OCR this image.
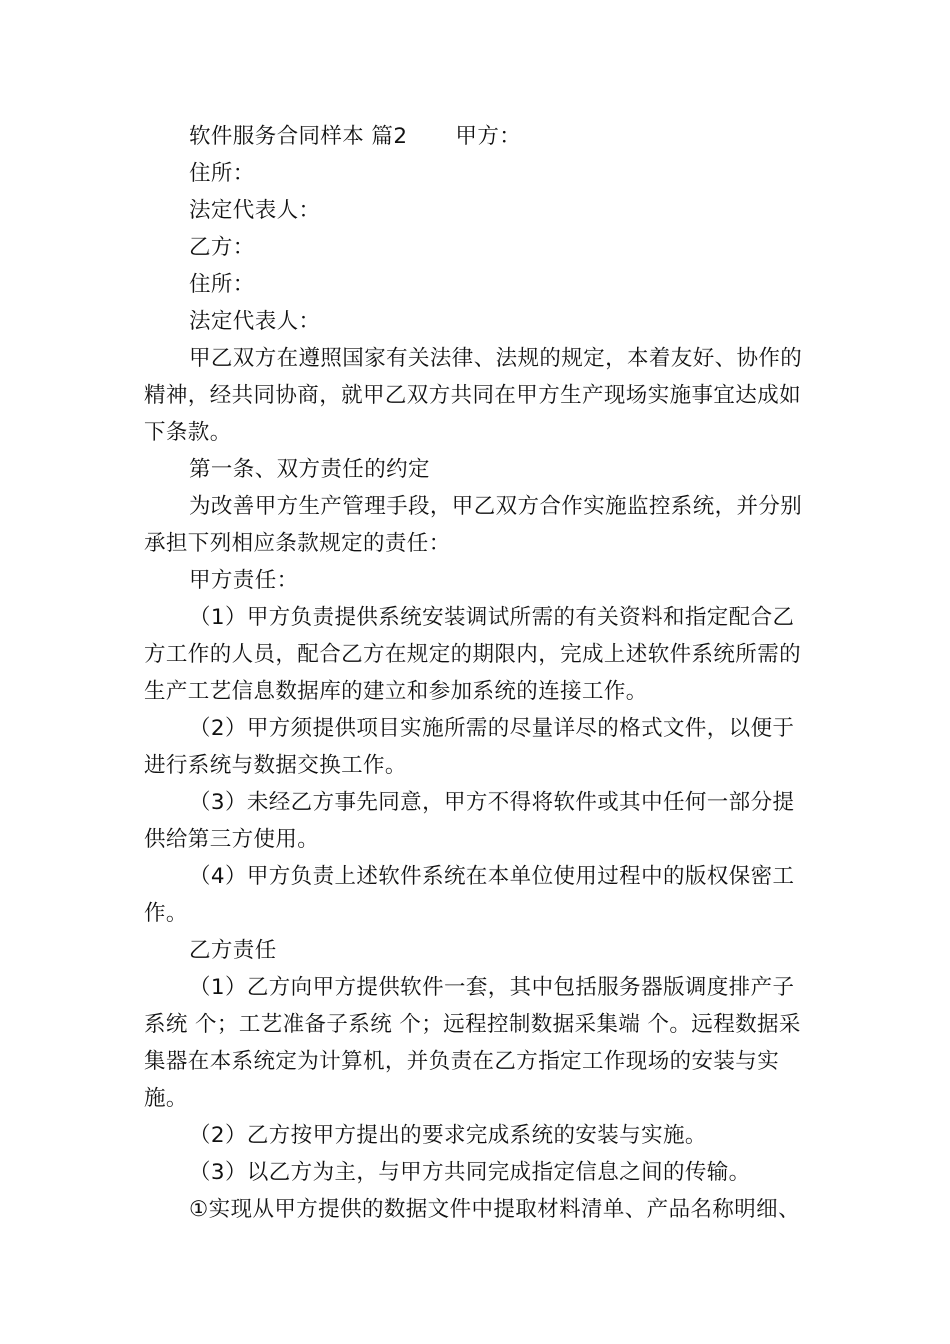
软件服务合同样本 篇2 甲方：

住所：

法定代表人：

乙方：

住所：

法定代表人：

甲乙双方在遵照国家有关法律、法规的规定，本着友好、协作的精神，经共同协商，就甲乙双方共同在甲方生产现场实施事宜达成如下条款。

第一条、双方责任的约定

为改善甲方生产管理手段，甲乙双方合作实施监控系统，并分别承担下列相应条款规定的责任：

甲方责任：

（1）甲方负责提供系统安装调试所需的有关资料和指定配合乙方工作的人员，配合乙方在规定的期限内，完成上述软件系统所需的生产工艺信息数据库的建立和参加系统的连接工作。

（2）甲方须提供项目实施所需的尽量详尽的格式文件，以便于进行系统与数据交换工作。

（3）未经乙方事先同意，甲方不得将软件或其中任何一部分提供给第三方使用。

（4）甲方负责上述软件系统在本单位使用过程中的版权保密工作。

乙方责任

（1）乙方向甲方提供软件一套，其中包括服务器版调度排产子系统 个；工艺准备子系统 个；远程控制数据采集端 个。远程数据采集器在本系统定为计算机，并负责在乙方指定工作现场的安装与实施。

（2）乙方按甲方提出的要求完成系统的安装与实施。

（3）以乙方为主，与甲方共同完成指定信息之间的传输。

①实现从甲方提供的数据文件中提取材料清单、产品名称明细、
